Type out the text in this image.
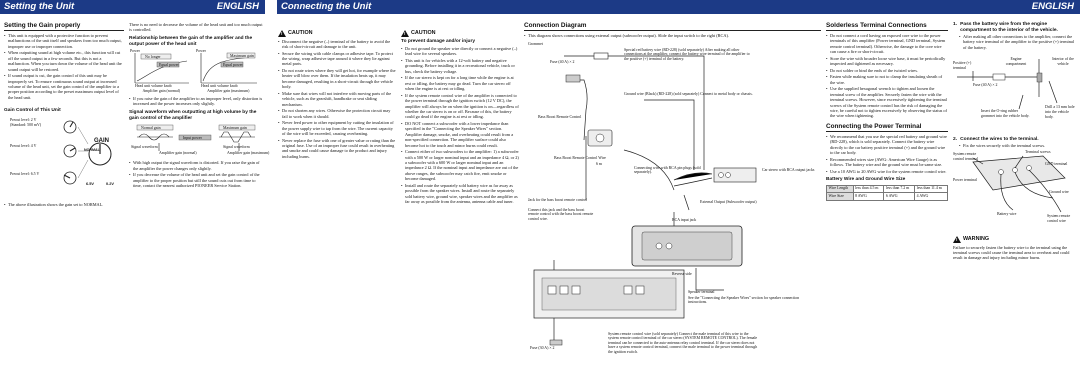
Setting the Unit	ENGLISH
Setting the Gain properly
• This unit is equipped with a protective function to prevent malfunctions of the unit itself and speakers from too much output, improper use or improper connection.
• When outputting sound at high volume etc., this function will cut off the sound output in a few seconds. But this is not a malfunction. When you turn down the volume of the head unit the sound output will be restored.
• If sound output is cut, the gain control of this unit may be improperly set. To ensure continuous sound output at increased volume of the head unit, set the gain control of the amplifier to a proper position according to the preset maximum output level of the head unit.
Gain Control of This Unit
Preout level: 2 V
(Standard: 500 mV)
Preout level: 4 V
Preout level: 6.5 V
GAIN
NORMAL
6.5V	0.2V
• The above illustration shows the gain set to NORMAL.
There is no need to decrease the volume of the head unit and too much output is controlled.
Relationship between the gain of the amplifier and the output power of the head unit
Power	Power
No longer	Maximum gain
Equal power	Equal power
Head unit volume knob	Head unit volume knob
Amplifier gain (normal)	Amplifier gain (maximum)
• If you raise the gain of the amplifier to an improper level, only distortion is increased and the power increases only slightly.
Signal waveform when outputting at high volume by the gain control of the amplifier
Normal gain	Maximum gain
Input power
Signal waveform	Signal waveform
Amplifier gain (normal)	Amplifier gain (maximum)
• With high output the signal waveform is distorted. If you raise the gain of the amplifier the power changes only slightly.
• If you decrease the volume of the head unit and set the gain control of the amplifier to the proper position but still the sound cuts out from time to time, contact the nearest authorized PIONEER Service Station.
Connecting the Unit	ENGLISH
!
CAUTION
• Disconnect the negative (–) terminal of the battery to avoid the risk of short-circuit and damage to the unit.
• Secure the wiring with cable clamps or adhesive tape. To protect the wiring, wrap adhesive tape around it where they lie against metal parts.
• Do not route wires where they will get hot, for example where the heater will blow over them. If the insulation heats up, it may become damaged, resulting in a short-circuit through the vehicle body.
• Make sure that wires will not interfere with moving parts of the vehicle, such as the gearshift, handbrake or seat sliding mechanism.
• Do not shorten any wires. Otherwise the protection circuit may fail to work when it should.
• Never feed power to other equipment by cutting the insulation of the power supply wire to tap from the wire. The current capacity of the wire will be exceeded, causing overheating.
• Never replace the fuse with one of greater value or rating than the original fuse. Use of an improper fuse could result in overheating and smoke and could cause damage to the product and injury including burns.
!
CAUTION
To prevent damage and/or injury
• Do not ground the speaker wire directly or connect a negative (–) lead wire for several speakers.
• This unit is for vehicles with a 12-volt battery and negative grounding. Before installing it in a recreational vehicle, truck or bus, check the battery voltage.
• If the car stereo is kept on for a long time while the engine is at rest or idling, the battery may go dead. Turn the car stereo off when the engine is at rest or idling.
• If the system remote control wire of the amplifier is connected to the power terminal through the ignition switch (12 V DC), the amplifier will always be on when the ignition is on—regardless of whether the car stereo is on or off. Because of this, the battery could go dead if the engine is at rest or idling.
• DO NOT connect a subwoofer with a lower impedance than specified in the "Connecting the Speaker Wires" section. Amplifier damage, smoke, and overheating could result from a non-specified connection. The amplifier surface could also become hot to the touch and minor burns could result.
• Connect either of two subwoofers to the amplifier: 1) a subwoofer with a 500 W or larger nominal input and an impedance 4 Ω, or 2) a subwoofer with a 600 W or larger nominal input and an impedance 2 Ω. If the nominal input and impedance are out of the above ranges, the subwoofer may catch fire, emit smoke or become damaged.
• Install and route the separately sold battery wire as far away as possible from the speaker wires. Install and route the separately sold battery wire, ground wire, speaker wires and the amplifier as far away as possible from the antenna, antenna cable and tuner.
Connection Diagram
• This diagram shows connections using external output (subwoofer output). Slide the input switch to the right (RCA).
Grommet
Fuse (40 A) × 2
Special red battery wire (RD-228) (sold separately) After making all other connections at the amplifier, connect the battery wire terminal of the amplifier to the positive (+) terminal of the battery.
Ground wire (Black) (RD-228) (sold separately) Connect to metal body or chassis.
Bass Boost Remote Control
Bass Boost Remote Control Wire
6 m
Connecting wire with RCA pin plugs (sold separately).
Car stereo with RCA output jacks
Jack for the bass boost remote control
Connect this jack and the bass boost remote control with the bass boost remote control wire.
External Output (Subwoofer output)
RCA input jack
Reverse side
Speaker terminal
See the "Connecting the Speaker Wires" section for speaker connection instructions.
Fuse (30 A) × 2
System remote control wire (sold separately) Connect the male terminal of this wire to the system remote control terminal of the car stereo (SYSTEM REMOTE CONTROL). The female terminal can be connected to the auto-antenna relay control terminal. If the car stereo does not have a system remote control terminal, connect the male terminal to the power terminal through the ignition switch.
Solderless Terminal Connections
• Do not connect a cord having an exposed core wire to the power terminals of this amplifier (Power terminal, GND terminal, System remote control terminal). Otherwise, the damage to the core wire can cause a fire or short-circuit.
• Store the wire with broader loose wire base, it must be periodically inspected and tightened as necessary.
• Do not solder or bind the ends of the twisted wires.
• Fasten while making sure to not to clamp the insulating sheath of the wire.
• Use the supplied hexagonal wrench to tighten and loosen the terminal screw of the amplifier. Securely fasten the wire with the terminal screws. However, since excessively tightening the terminal screws of the System remote control has the risk of damaging the wire, be careful not to tighten excessively by observing the status of the wire when tightening.
Connecting the Power Terminal
• We recommend that you use the special red battery and ground wire (RD-228), which is sold separately. Connect the battery wire directly to the car battery positive terminal (+) and the ground wire to the car body.
• Recommended wires size (AWG: American Wire Gauge) is as follows. The battery wire and the ground wire must be same size.
• Use a 10 AWG to 20 AWG wire for the system remote control wire.
Battery Wire and Ground Wire Size
Wire Length	less than 4.5 m	less than 7.2 m	less than 11.4 m
Wire Size	8 AWG	6 AWG	4 AWG
1. Pass the battery wire from the engine compartment to the interior of the vehicle.
• After making all other connections to the amplifier, connect the battery wire terminal of the amplifier to the positive (+) terminal of the battery.
Positive (+) terminal
Engine compartment
Interior of the vehicle
Fuse (40 A) × 2
Insert the O-ring rubber grommet into the vehicle body.
Drill a 13 mm hole into the vehicle body.
2. Connect the wires to the terminal.
• Fix the wires securely with the terminal screws.
System remote control terminal
Terminal screws
GND terminal
Power terminal
Ground wire
Battery wire	System remote control wire
!
WARNING
Failure to securely fasten the battery wire to the terminal using the terminal screws could cause the terminal area to overheat and could result in damage and injury including minor burns.
